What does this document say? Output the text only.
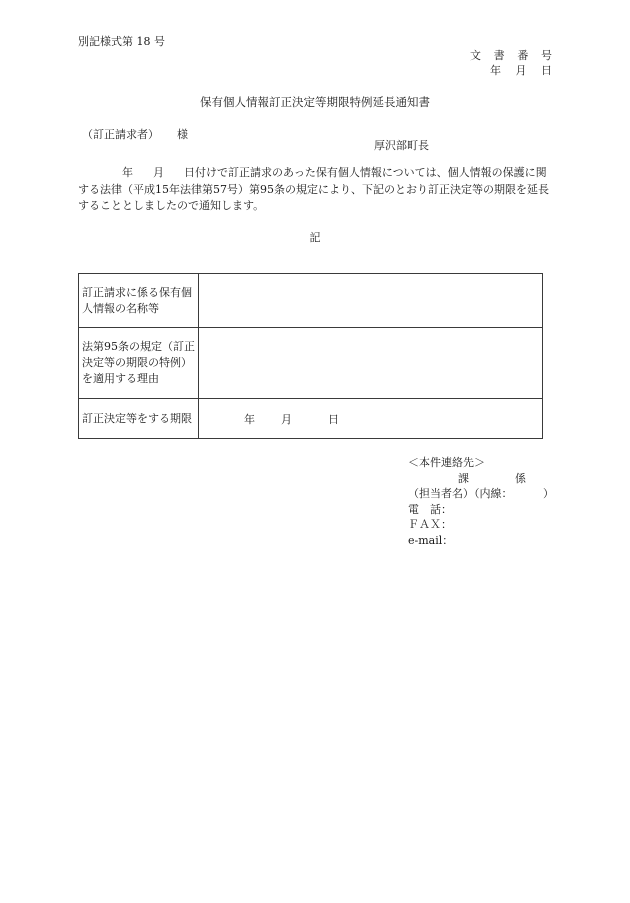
別記様式第 18 号
文 書 番 号
年 月 日
保有個人情報訂正決定等期限特例延長通知書
（訂正請求者） 様
厚沢部町長
年 月 日付けで訂正請求のあった保有個人情報については、個人情報の保護に関する法律（平成15年法律第57号）第95条の規定により、下記のとおり訂正決定等の期限を延長することとしましたので通知します。
記
訂正請求に係る保有個人情報の名称等	
法第95条の規定（訂正決定等の期限の特例）を適用する理由	
訂正決定等をする期限	年 月 日
＜本件連絡先＞
課	係
（担当者名）（内線：	）
電　話：
ＦＡＸ：
e-mail：
